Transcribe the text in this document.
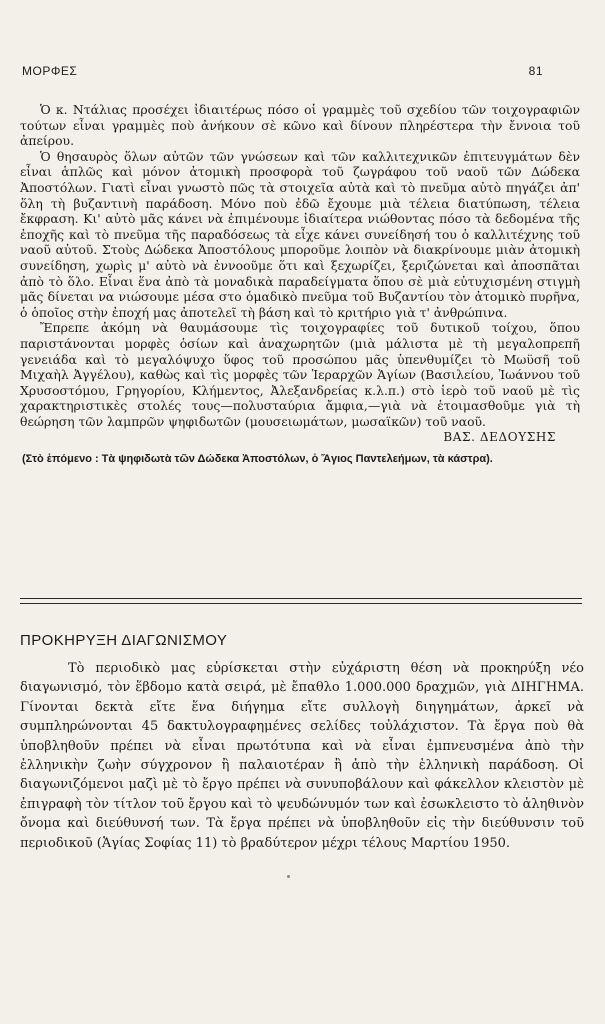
ΜΟΡΦΕΣ	81

Ὁ κ. Ντάλιας προσέχει ἰδιαιτέρως πόσο οἱ γραμμὲς τοῦ σχεδίου τῶν τοιχογραφιῶν τούτων εἶναι γραμμὲς ποὺ ἀνήκουν σὲ κῶνο καὶ δίνουν πληρέστερα τὴν ἔννοια τοῦ ἀπείρου.

Ὁ θησαυρὸς ὅλων αὐτῶν τῶν γνώσεων καὶ τῶν καλλιτεχνικῶν ἐπιτευγμάτων δὲν εἶναι ἁπλῶς καὶ μόνον ἀτομικὴ προσφορὰ τοῦ ζωγράφου τοῦ ναοῦ τῶν Δώδεκα Ἀποστόλων. Γιατὶ εἶναι γνωστὸ πῶς τὰ στοιχεῖα αὐτὰ καὶ τὸ πνεῦμα αὐτὸ πηγάζει ἀπ' ὅλη τὴ βυζαντινὴ παράδοση. Μόνο ποὺ ἐδῶ ἔχουμε μιὰ τέλεια διατύπωση, τέλεια ἔκφραση. Κι' αὐτὸ μᾶς κάνει νὰ ἐπιμένουμε ἰδιαίτερα νιώθοντας πόσο τὰ δεδομένα τῆς ἐποχῆς καὶ τὸ πνεῦμα τῆς παραδόσεως τὰ εἶχε κάνει συνείδησή του ὁ καλλιτέχνης τοῦ ναοῦ αὐτοῦ. Στοὺς Δώδεκα Ἀποστόλους μποροῦμε λοιπὸν νὰ διακρίνουμε μιὰν ἀτομικὴ συνείδηση, χωρὶς μ' αὐτὸ νὰ ἐννοοῦμε ὅτι καὶ ξεχωρίζει, ξεριζώνεται καὶ ἀποσπᾶται ἀπὸ τὸ ὅλο. Εἶναι ἕνα ἀπὸ τὰ μοναδικὰ παραδείγματα ὅπου σὲ μιὰ εὐτυχισμένη στιγμὴ μᾶς δίνεται να νιώσουμε μέσα στο ὁμαδικὸ πνεῦμα τοῦ Βυζαντίου τὸν ἀτομικὸ πυρῆνα, ὁ ὁποῖος στὴν ἐποχή μας ἀποτελεῖ τὴ βάση καὶ τὸ κριτήριο γιὰ τ' ἀνθρώπινα.

Ἔπρεπε ἀκόμη νὰ θαυμάσουμε τὶς τοιχογραφίες τοῦ δυτικοῦ τοίχου, ὅπου παριστάνονται μορφὲς ὁσίων καὶ ἀναχωρητῶν (μιὰ μάλιστα μὲ τὴ μεγαλοπρεπῆ γενειάδα καὶ τὸ μεγαλόψυχο ὕφος τοῦ προσώπου μᾶς ὑπενθυμίζει τὸ Μωϋσῆ τοῦ Μιχαὴλ Ἀγγέλου), καθὼς καὶ τὶς μορφὲς τῶν Ἱεραρχῶν Ἁγίων (Βασιλείου, Ἰωάννου τοῦ Χρυσοστόμου, Γρηγορίου, Κλήμεντος, Ἀλεξανδρείας κ.λ.π.) στὸ ἱερὸ τοῦ ναοῦ μὲ τὶς χαρακτηριστικὲς στολές τους—πολυσταύρια ἄμφια,—γιὰ νὰ ἑτοιμασθοῦμε γιὰ τὴ θεώρηση τῶν λαμπρῶν ψηφιδωτῶν (μουσειωμάτων, μωσαϊκῶν) τοῦ ναοῦ.

ΒΑΣ. ΔΕΔΟΥΣΗΣ
(Στὸ ἑπόμενο : Τὰ ψηφιδωτὰ τῶν Δώδεκα Ἀποστόλων, ὁ Ἅγιος Παντελεήμων, τὰ κάστρα).
ΠΡΟΚΗΡΥΞΗ ΔΙΑΓΩΝΙΣΜΟΥ

Τὸ περιοδικὸ μας εὑρίσκεται στὴν εὐχάριστη θέση νὰ προκηρύξη νέο διαγωνισμό, τὸν ἕβδομο κατὰ σειρά, μὲ ἔπαθλο 1.000.000 δραχμῶν, γιὰ ΔΙΗΓΗΜΑ. Γίνονται δεκτὰ εἴτε ἕνα διήγημα εἴτε συλλογὴ διηγημάτων, ἀρκεῖ νὰ συμπληρώνονται 45 δακτυλογραφημένες σελίδες τοὐλάχιστον. Τὰ ἔργα ποὺ θὰ ὑποβληθοῦν πρέπει νὰ εἶναι πρωτότυπα καὶ νὰ εἶναι ἐμπνευσμένα ἀπὸ τὴν ἑλληνικὴν ζωὴν σύγχρονον ἢ παλαιοτέραν ἢ ἀπὸ τὴν ἑλληνικὴ παράδοση. Οἱ διαγωνιζόμενοι μαζὶ μὲ τὸ ἔργο πρέπει νὰ συνυποβάλουν καὶ φάκελλον κλειστὸν μὲ ἐπιγραφὴ τὸν τίτλον τοῦ ἔργου καὶ τὸ ψευδώνυμόν των καὶ ἐσωκλειστο τὸ ἀληθινὸν ὄνομα καὶ διεύθυνσή των. Τὰ ἔργα πρέπει νὰ ὑποβληθοῦν εἰς τὴν διεύθυνσιν τοῦ περιοδικοῦ (Ἁγίας Σοφίας 11) τὸ βραδύτερον μέχρι τέλους Μαρτίου 1950.
